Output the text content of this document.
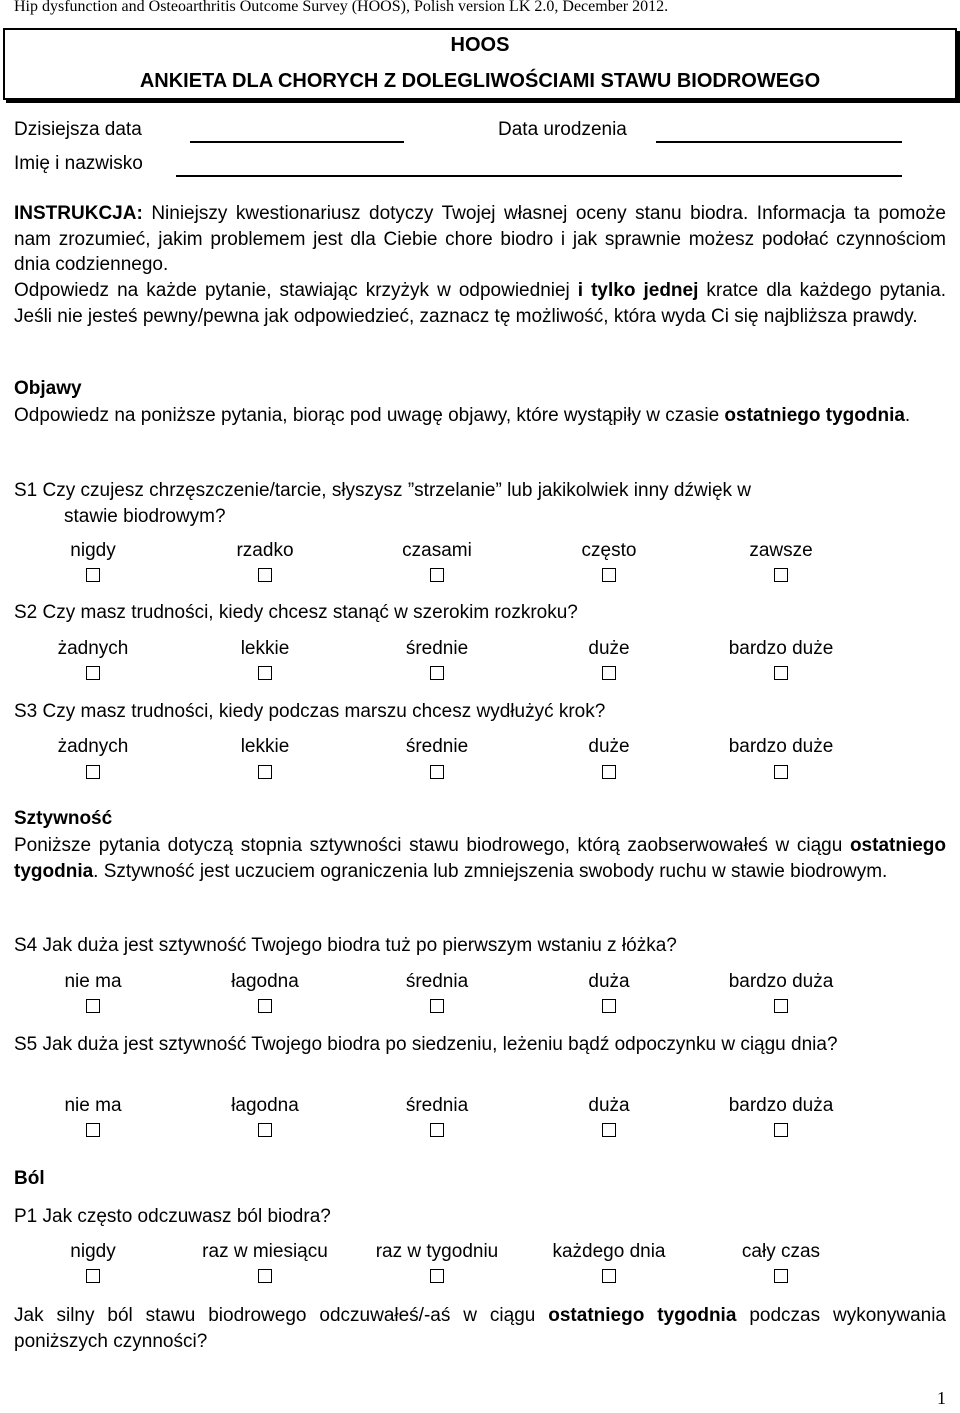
Hip dysfunction and Osteoarthritis Outcome Survey (HOOS), Polish version LK 2.0, December 2012.
HOOS
ANKIETA DLA CHORYCH Z DOLEGLIWOŚCIAMI STAWU BIODROWEGO
Dzisiejsza data	Data urodzenia
Imię i nazwisko
INSTRUKCJA: Niniejszy kwestionariusz dotyczy Twojej własnej oceny stanu biodra. Informacja ta pomoże nam zrozumieć, jakim problemem jest dla Ciebie chore biodro i jak sprawnie możesz podołać czynnościom dnia codziennego.
Odpowiedz na każde pytanie, stawiając krzyżyk w odpowiedniej i tylko jednej kratce dla każdego pytania. Jeśli nie jesteś pewny/pewna jak odpowiedzieć, zaznacz tę możliwość, która wyda Ci się najbliższa prawdy.
Objawy
Odpowiedz na poniższe pytania, biorąc pod uwagę objawy, które wystąpiły w czasie ostatniego tygodnia.
S1 Czy czujesz chrzęszczenie/tarcie, słyszysz ”strzelanie” lub jakikolwiek inny dźwięk w
stawie biodrowym?
nigdy	rzadko	czasami	często	zawsze
S2 Czy masz trudności, kiedy chcesz stanąć w szerokim rozkroku?
żadnych	lekkie	średnie	duże	bardzo duże
S3 Czy masz trudności, kiedy podczas marszu chcesz wydłużyć krok?
żadnych	lekkie	średnie	duże	bardzo duże
Sztywność
Poniższe pytania dotyczą stopnia sztywności stawu biodrowego, którą zaobserwowałeś w ciągu ostatniego tygodnia. Sztywność jest uczuciem ograniczenia lub zmniejszenia swobody ruchu w stawie biodrowym.
S4 Jak duża jest sztywność Twojego biodra tuż po pierwszym wstaniu z łóżka?
nie ma	łagodna	średnia	duża	bardzo duża
S5 Jak duża jest sztywność Twojego biodra po siedzeniu, leżeniu bądź odpoczynku w ciągu dnia?
nie ma	łagodna	średnia	duża	bardzo duża
Ból
P1 Jak często odczuwasz ból biodra?
nigdy	raz w miesiącu	raz w tygodniu	każdego dnia	cały czas
Jak silny ból stawu biodrowego odczuwałeś/-aś w ciągu ostatniego tygodnia podczas wykonywania poniższych czynności?
1
